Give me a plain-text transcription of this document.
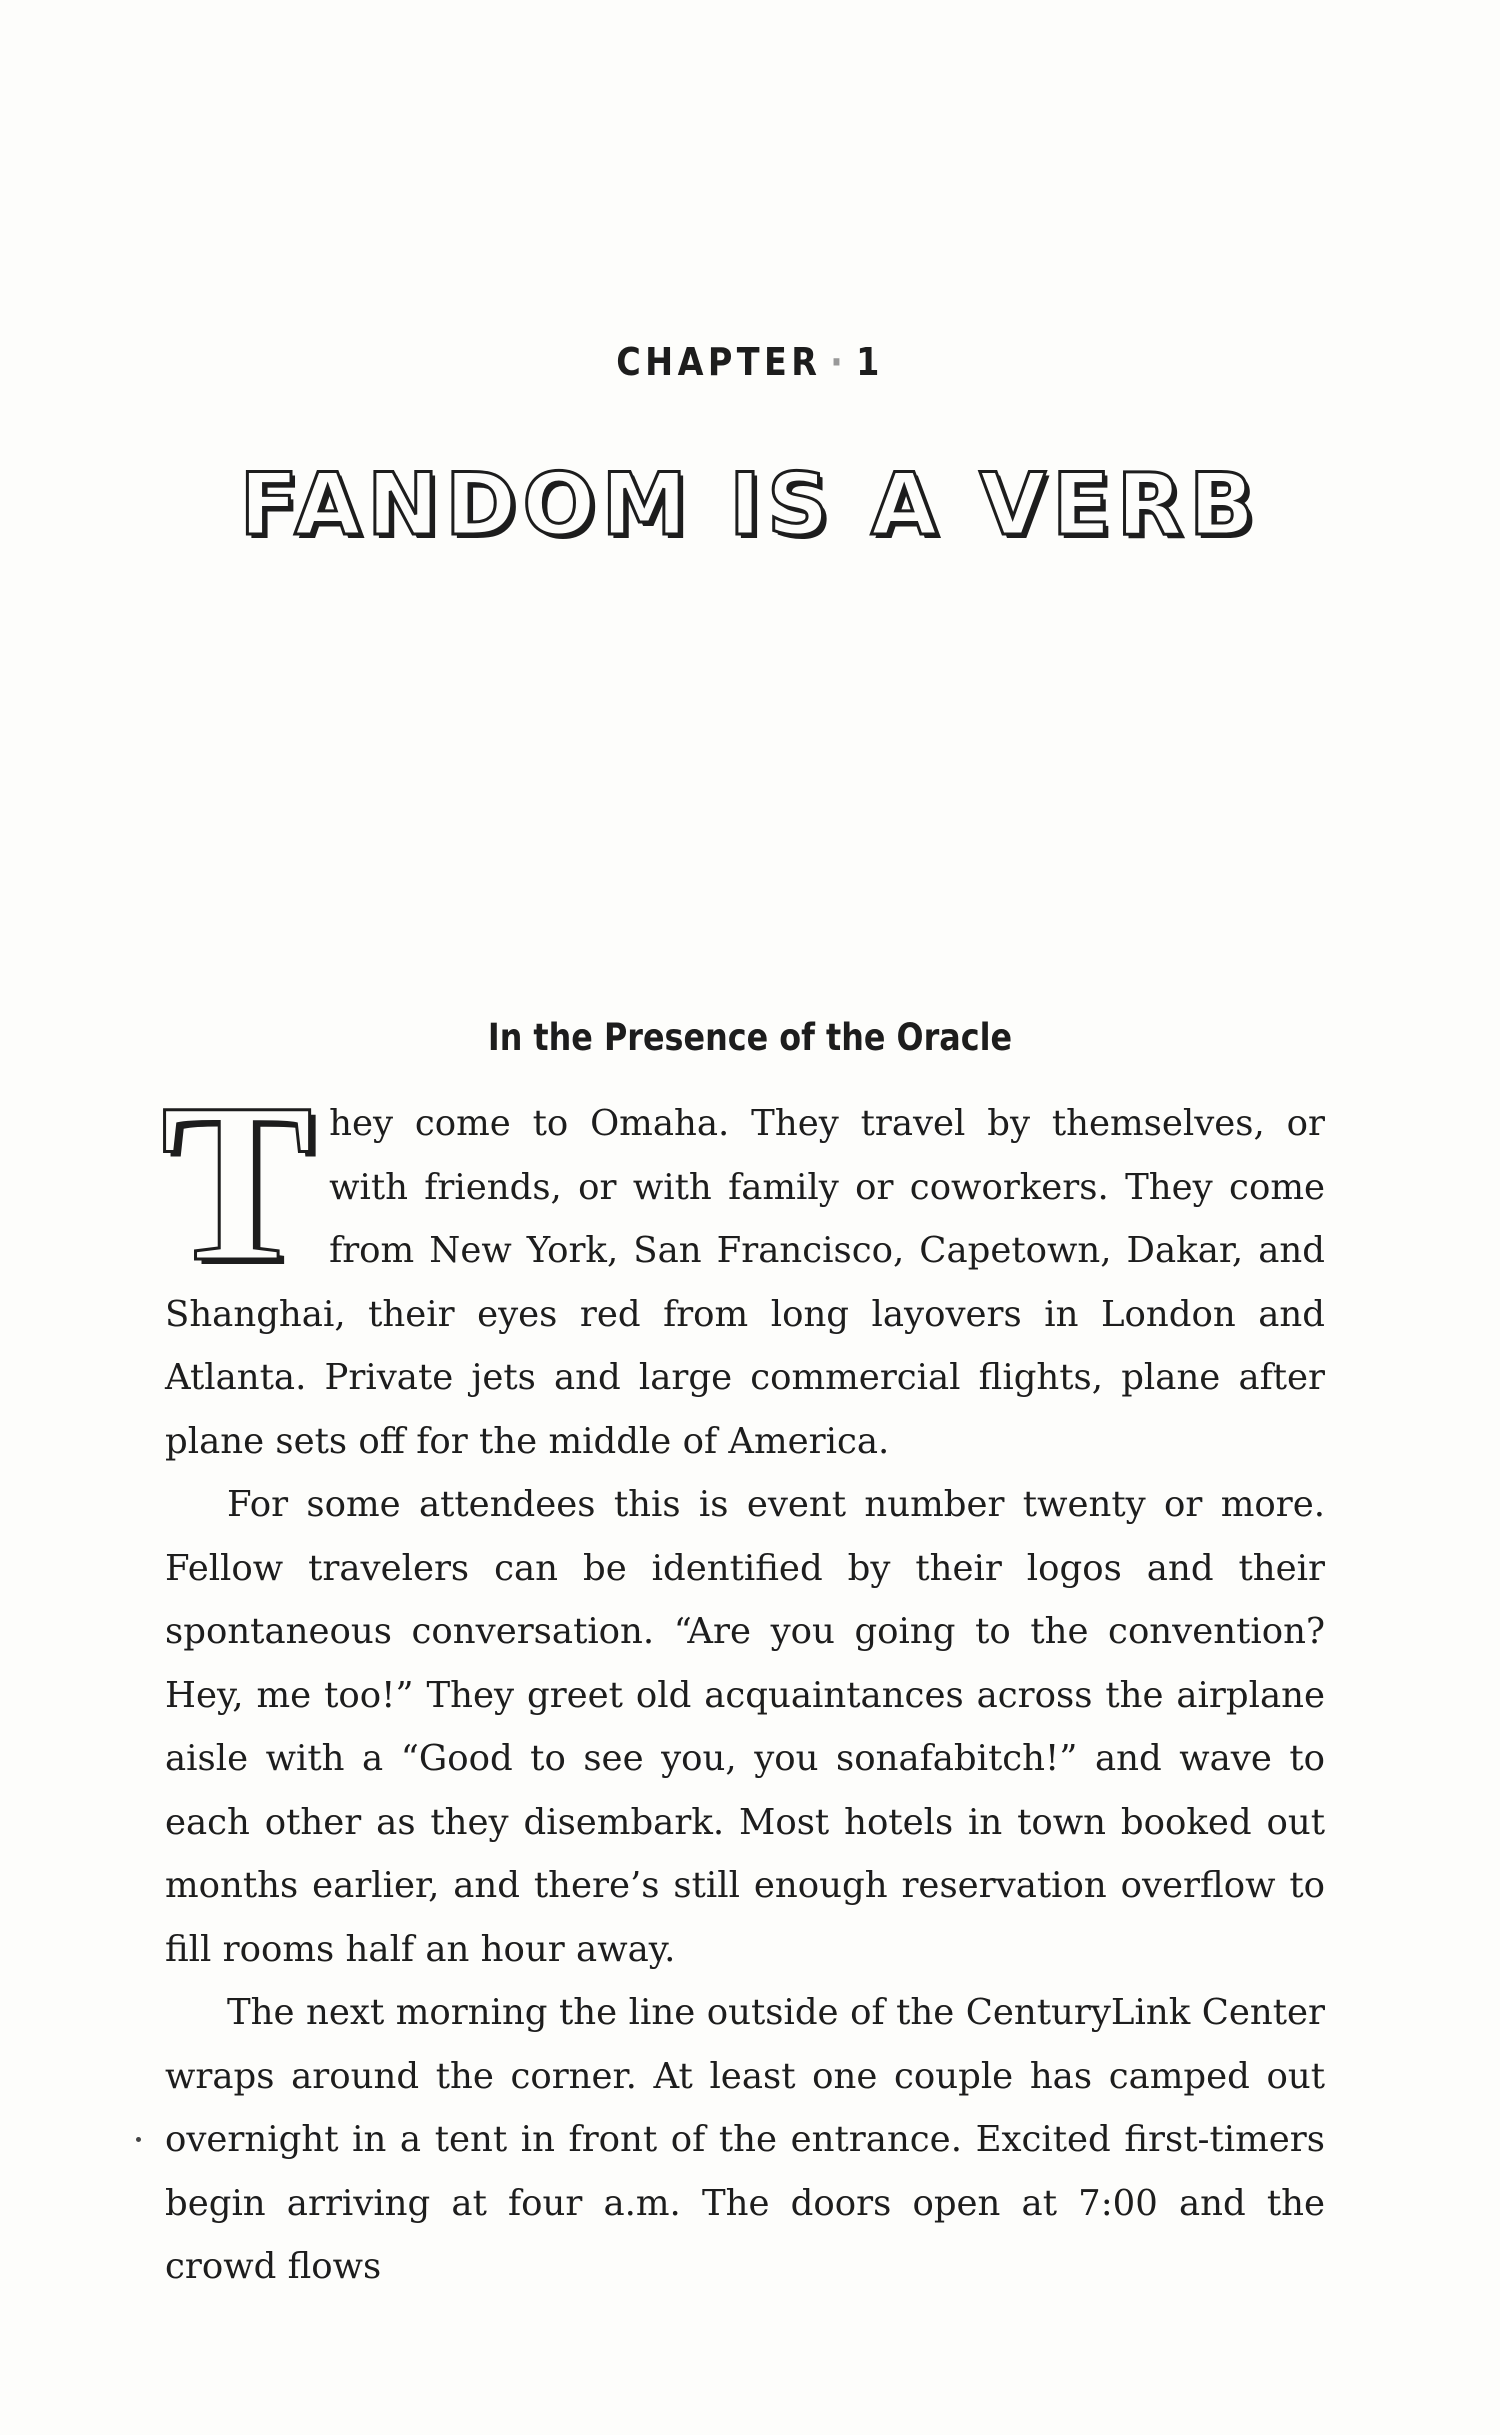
CHAPTER · 1
FANDOM IS A VERB
In the Presence of the Oracle

They come to Omaha. They travel by themselves, or with friends, or with family or coworkers. They come from New York, San Francisco, Capetown, Dakar, and Shanghai, their eyes red from long layovers in London and Atlanta. Private jets and large commercial flights, plane after plane sets off for the middle of America.

For some attendees this is event number twenty or more. Fellow travelers can be identified by their logos and their spontaneous conversation. “Are you going to the convention? Hey, me too!” They greet old acquaintances across the airplane aisle with a “Good to see you, you sonafabitch!” and wave to each other as they disembark. Most hotels in town booked out months earlier, and there’s still enough reservation overflow to fill rooms half an hour away.

The next morning the line outside of the CenturyLink Center wraps around the corner. At least one couple has camped out overnight in a tent in front of the entrance. Excited first-timers begin arriving at four a.m. The doors open at 7:00 and the crowd flows
